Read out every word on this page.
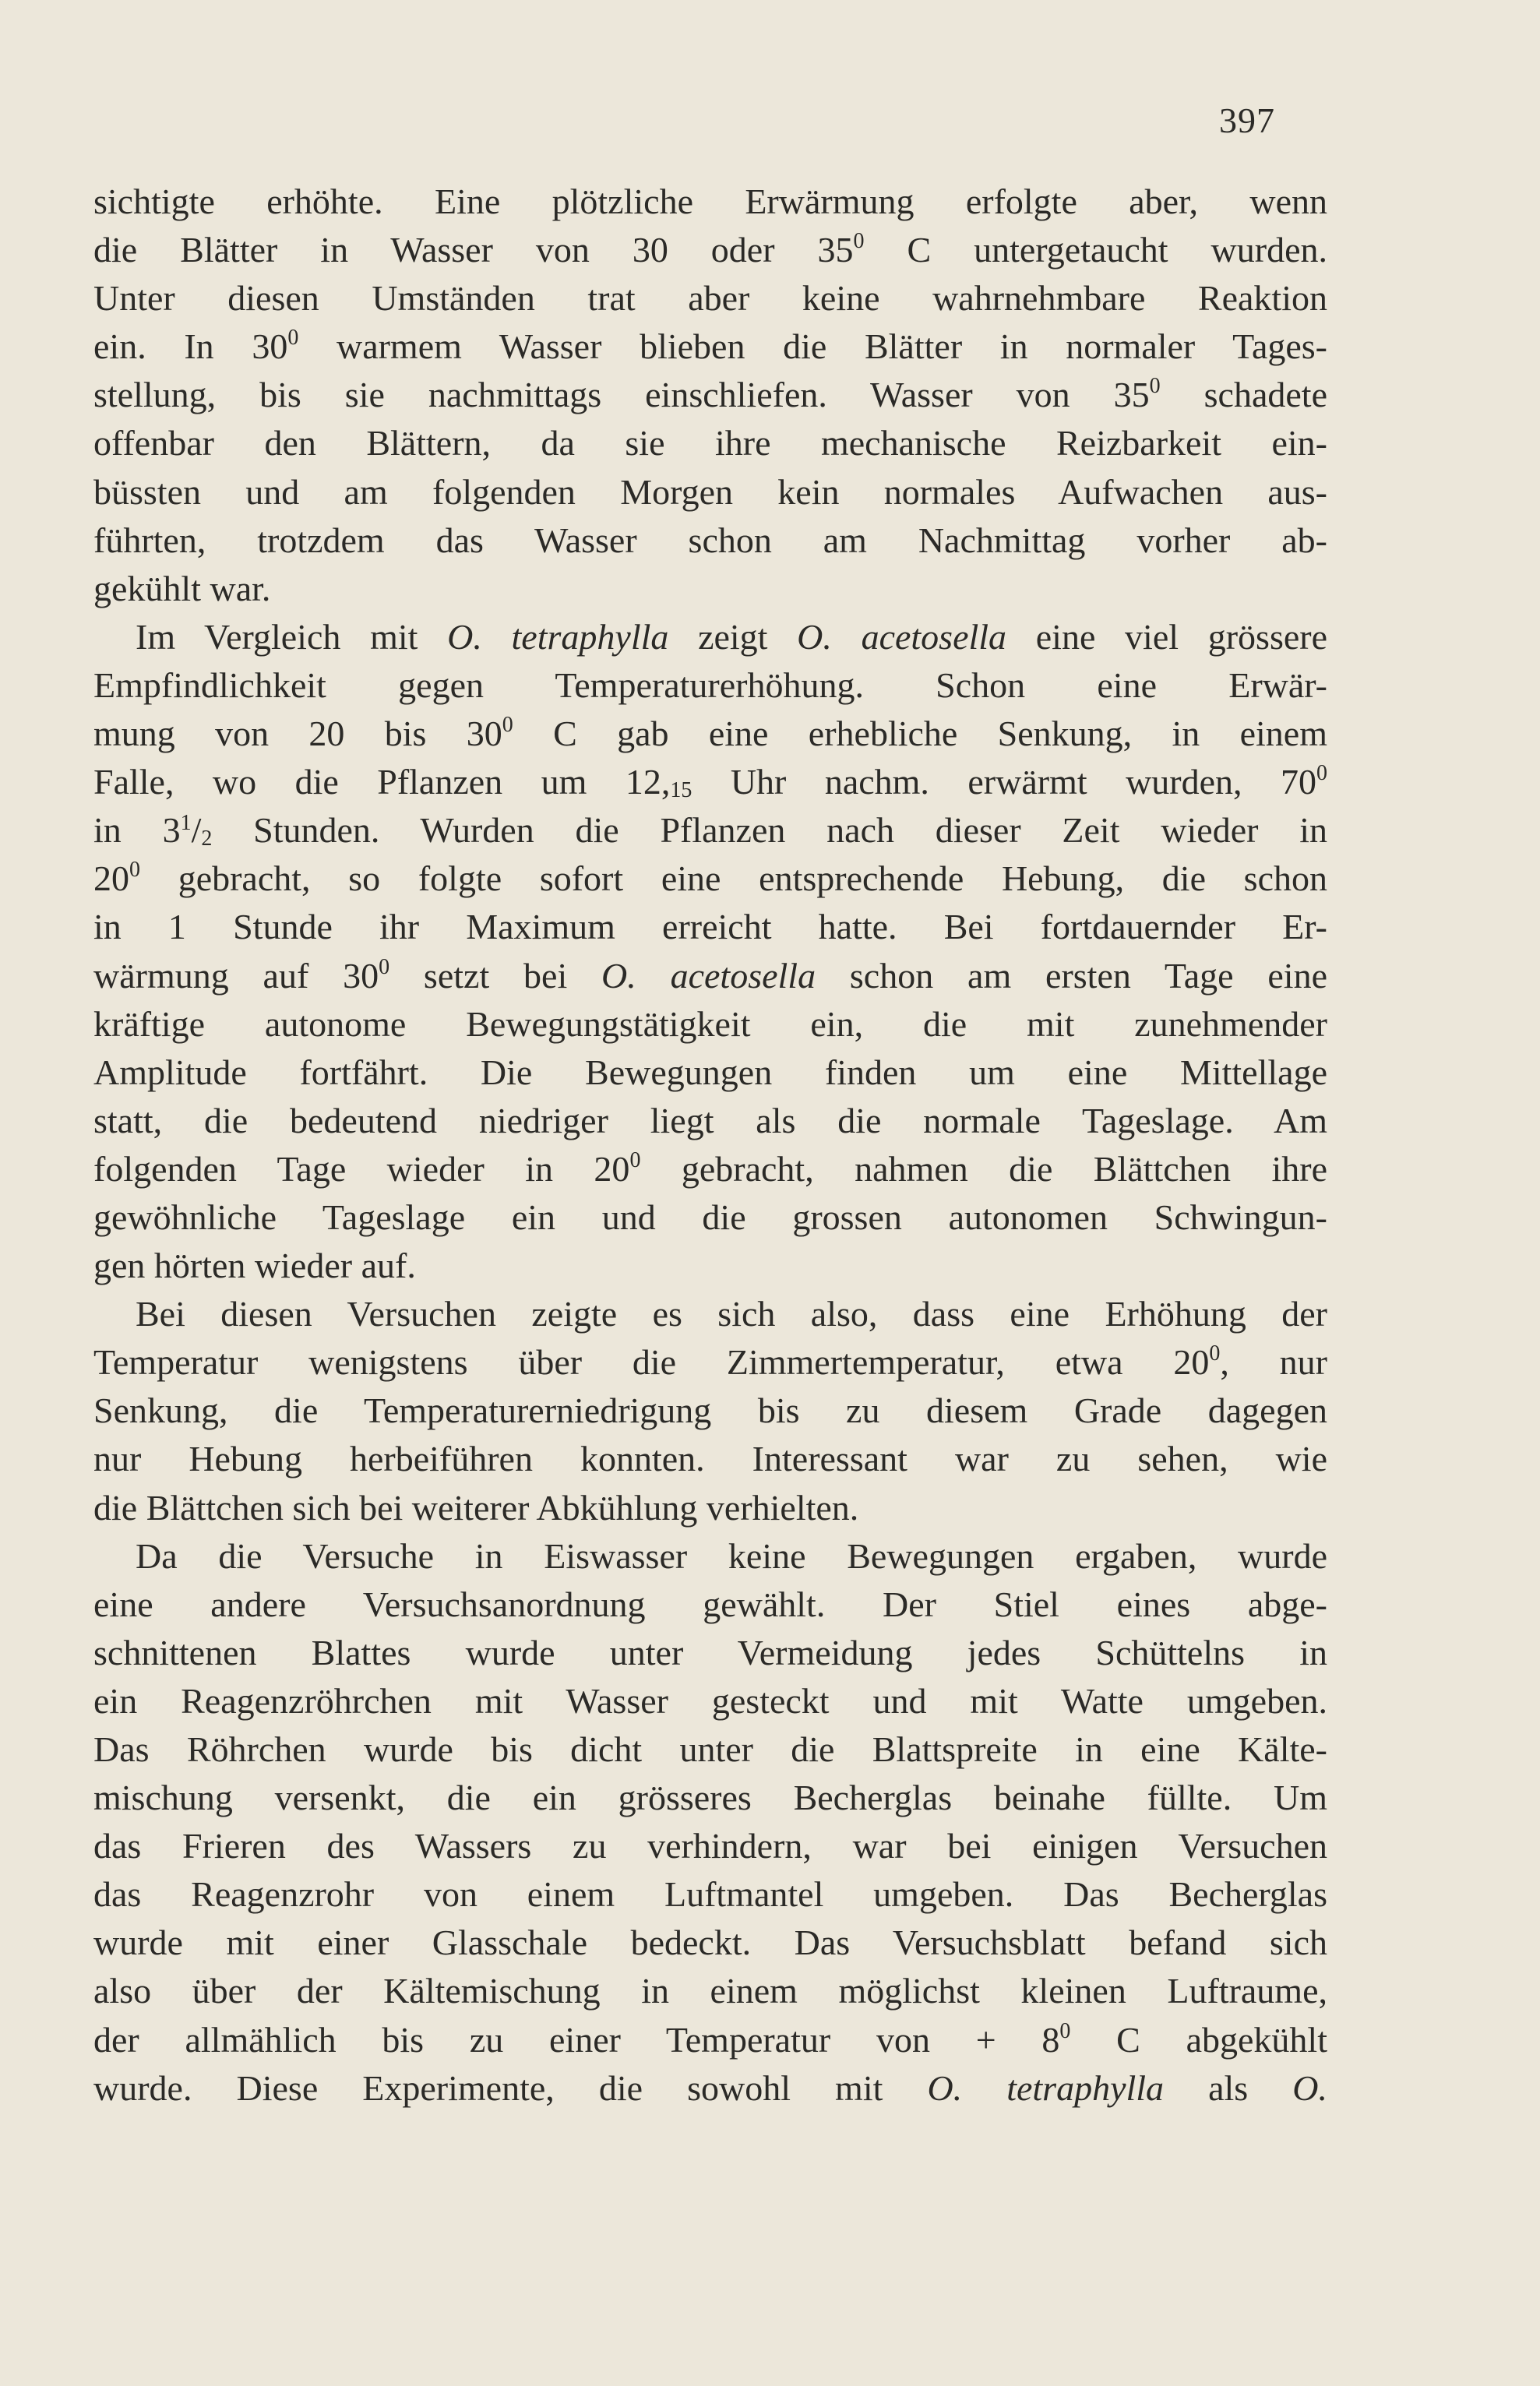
397
sichtigte erhöhte. Eine plötzliche Erwärmung erfolgte aber, wenn
die Blätter in Wasser von 30 oder $35^0$ C untergetaucht wurden.
Unter diesen Umständen trat aber keine wahrnehmbare Reaktion
ein. In $30^0$ warmem Wasser blieben die Blätter in normaler Tages-
stellung, bis sie nachmittags einschliefen. Wasser von $35^0$ schadete
offenbar den Blättern, da sie ihre mechanische Reizbarkeit ein-
büssten und am folgenden Morgen kein normales Aufwachen aus-
führten, trotzdem das Wasser schon am Nachmittag vorher ab-
gekühlt war.
Im Vergleich mit O. tetraphylla zeigt O. acetosella eine viel grössere
Empfindlichkeit gegen Temperaturerhöhung. Schon eine Erwär-
mung von 20 bis $30^0$ C gab eine erhebliche Senkung, in einem
Falle, wo die Pflanzen um 12,15 Uhr nachm. erwärmt wurden, $70^0$
in $3^1/_2$ Stunden. Wurden die Pflanzen nach dieser Zeit wieder in
$20^0$ gebracht, so folgte sofort eine entsprechende Hebung, die schon
in 1 Stunde ihr Maximum erreicht hatte. Bei fortdauernder Er-
wärmung auf $30^0$ setzt bei O. acetosella schon am ersten Tage eine
kräftige autonome Bewegungstätigkeit ein, die mit zunehmender
Amplitude fortfährt. Die Bewegungen finden um eine Mittellage
statt, die bedeutend niedriger liegt als die normale Tageslage. Am
folgenden Tage wieder in $20^0$ gebracht, nahmen die Blättchen ihre
gewöhnliche Tageslage ein und die grossen autonomen Schwingun-
gen hörten wieder auf.
Bei diesen Versuchen zeigte es sich also, dass eine Erhöhung der
Temperatur wenigstens über die Zimmertemperatur, etwa $20^0$, nur
Senkung, die Temperaturerniedrigung bis zu diesem Grade dagegen
nur Hebung herbeiführen konnten. Interessant war zu sehen, wie
die Blättchen sich bei weiterer Abkühlung verhielten.
Da die Versuche in Eiswasser keine Bewegungen ergaben, wurde
eine andere Versuchsanordnung gewählt. Der Stiel eines abge-
schnittenen Blattes wurde unter Vermeidung jedes Schüttelns in
ein Reagenzröhrchen mit Wasser gesteckt und mit Watte umgeben.
Das Röhrchen wurde bis dicht unter die Blattspreite in eine Kälte-
mischung versenkt, die ein grösseres Becherglas beinahe füllte. Um
das Frieren des Wassers zu verhindern, war bei einigen Versuchen
das Reagenzrohr von einem Luftmantel umgeben. Das Becherglas
wurde mit einer Glasschale bedeckt. Das Versuchsblatt befand sich
also über der Kältemischung in einem möglichst kleinen Luftraume,
der allmählich bis zu einer Temperatur von + $8^0$ C abgekühlt
wurde. Diese Experimente, die sowohl mit O. tetraphylla als O.
